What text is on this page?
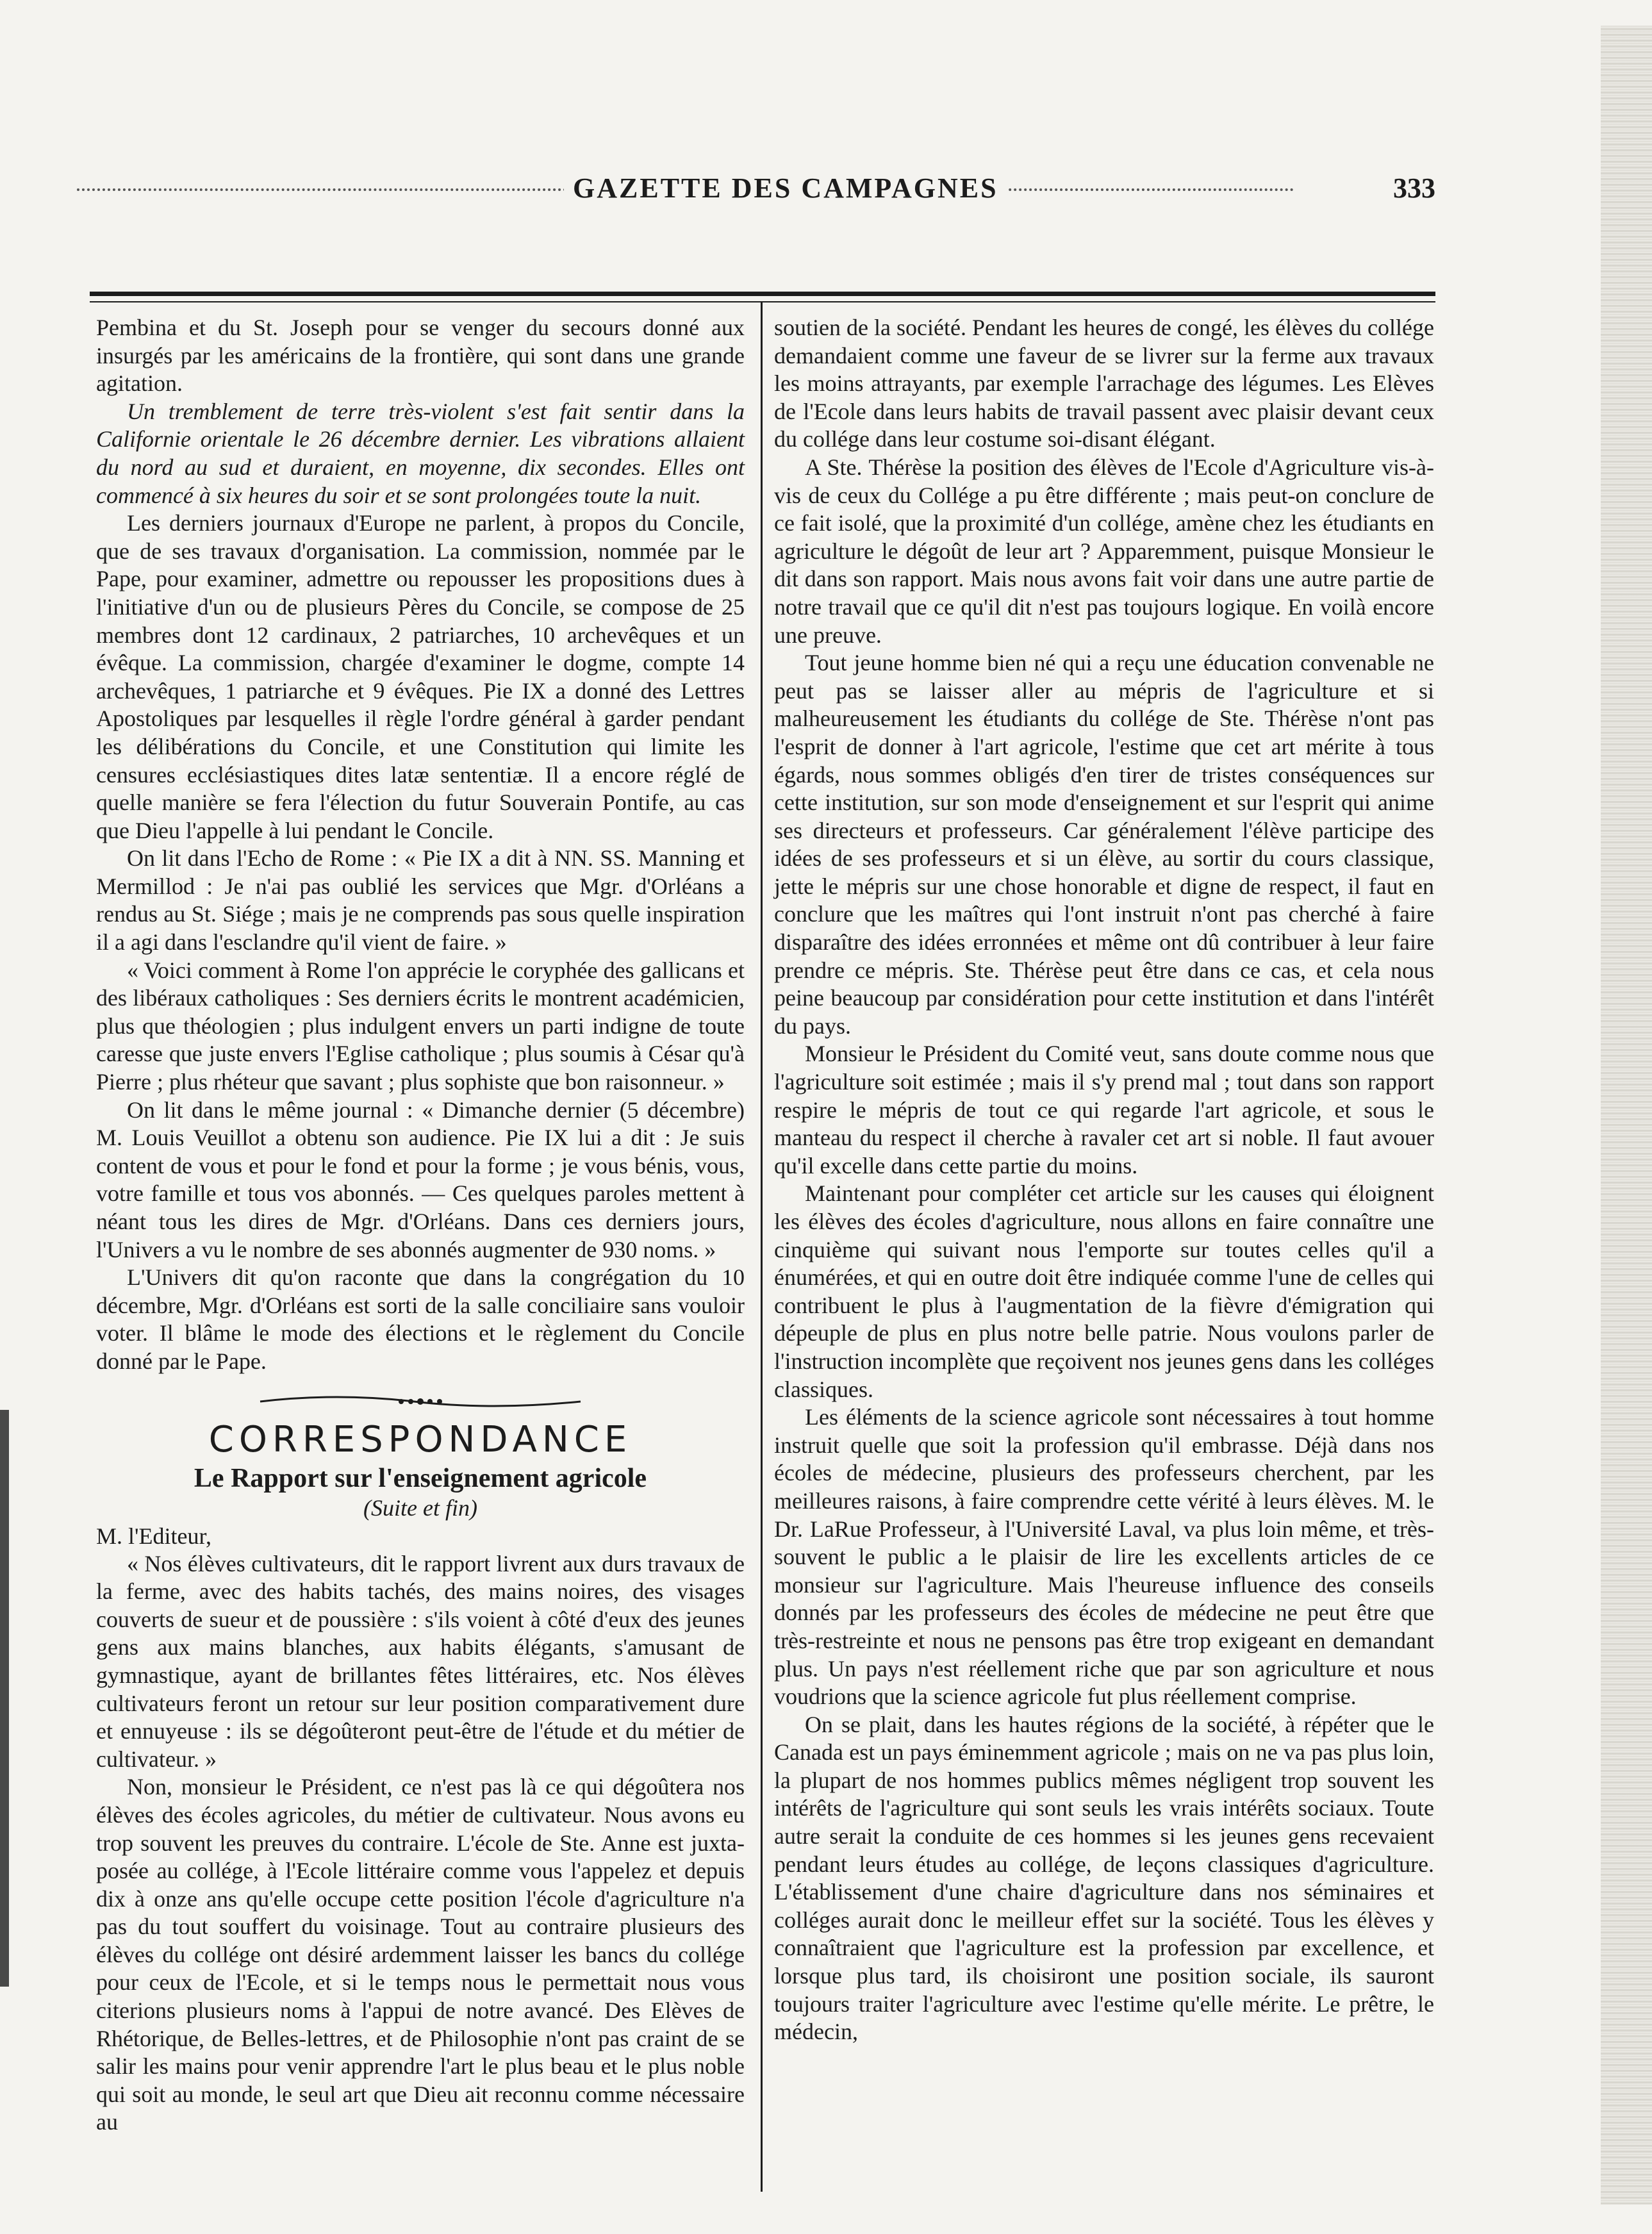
GAZETTE DES CAMPAGNES	333

Pembina et du St. Joseph pour se venger du secours donné aux insurgés par les américains de la frontière, qui sont dans une grande agitation.

Un tremblement de terre très-violent s'est fait sentir dans la Californie orientale le 26 décembre dernier. Les vibrations allaient du nord au sud et duraient, en moyenne, dix secondes. Elles ont commencé à six heures du soir et se sont prolongées toute la nuit.

Les derniers journaux d'Europe ne parlent, à propos du Concile, que de ses travaux d'organisation. La commission, nommée par le Pape, pour examiner, admettre ou repousser les propositions dues à l'initiative d'un ou de plusieurs Pères du Concile, se compose de 25 membres dont 12 cardinaux, 2 patriarches, 10 archevêques et un évêque. La commission, chargée d'examiner le dogme, compte 14 archevêques, 1 patriarche et 9 évêques. Pie IX a donné des Lettres Apostoliques par lesquelles il règle l'ordre général à garder pendant les délibérations du Concile, et une Constitution qui limite les censures ecclésiastiques dites latæ sententiæ. Il a encore réglé de quelle manière se fera l'élection du futur Souverain Pontife, au cas que Dieu l'appelle à lui pendant le Concile.

On lit dans l'Echo de Rome : « Pie IX a dit à NN. SS. Manning et Mermillod : Je n'ai pas oublié les services que Mgr. d'Orléans a rendus au St. Siége ; mais je ne comprends pas sous quelle inspiration il a agi dans l'esclandre qu'il vient de faire. »

« Voici comment à Rome l'on apprécie le coryphée des gallicans et des libéraux catholiques : Ses derniers écrits le montrent académicien, plus que théologien ; plus indulgent envers un parti indigne de toute caresse que juste envers l'Eglise catholique ; plus soumis à César qu'à Pierre ; plus rhéteur que savant ; plus sophiste que bon raisonneur. »

On lit dans le même journal : « Dimanche dernier (5 décembre) M. Louis Veuillot a obtenu son audience. Pie IX lui a dit : Je suis content de vous et pour le fond et pour la forme ; je vous bénis, vous, votre famille et tous vos abonnés. — Ces quelques paroles mettent à néant tous les dires de Mgr. d'Orléans. Dans ces derniers jours, l'Univers a vu le nombre de ses abonnés augmenter de 930 noms. »

L'Univers dit qu'on raconte que dans la congrégation du 10 décembre, Mgr. d'Orléans est sorti de la salle conciliaire sans vouloir voter. Il blâme le mode des élections et le règlement du Concile donné par le Pape.

CORRESPONDANCE
Le Rapport sur l'enseignement agricole
(Suite et fin)
M. l'Editeur,

« Nos élèves cultivateurs, dit le rapport livrent aux durs travaux de la ferme, avec des habits tachés, des mains noires, des visages couverts de sueur et de poussière : s'ils voient à côté d'eux des jeunes gens aux mains blanches, aux habits élégants, s'amusant de gymnastique, ayant de brillantes fêtes littéraires, etc. Nos élèves cultivateurs feront un retour sur leur position comparativement dure et ennuyeuse : ils se dégoûteront peut-être de l'étude et du métier de cultivateur. »

Non, monsieur le Président, ce n'est pas là ce qui dégoûtera nos élèves des écoles agricoles, du métier de cultivateur. Nous avons eu trop souvent les preuves du contraire. L'école de Ste. Anne est juxta-posée au collége, à l'Ecole littéraire comme vous l'appelez et depuis dix à onze ans qu'elle occupe cette position l'école d'agriculture n'a pas du tout souffert du voisinage. Tout au contraire plusieurs des élèves du collége ont désiré ardemment laisser les bancs du collége pour ceux de l'Ecole, et si le temps nous le permettait nous vous citerions plusieurs noms à l'appui de notre avancé. Des Elèves de Rhétorique, de Belles-lettres, et de Philosophie n'ont pas craint de se salir les mains pour venir apprendre l'art le plus beau et le plus noble qui soit au monde, le seul art que Dieu ait reconnu comme nécessaire au

soutien de la société. Pendant les heures de congé, les élèves du collége demandaient comme une faveur de se livrer sur la ferme aux travaux les moins attrayants, par exemple l'arrachage des légumes. Les Elèves de l'Ecole dans leurs habits de travail passent avec plaisir devant ceux du collége dans leur costume soi-disant élégant.

A Ste. Thérèse la position des élèves de l'Ecole d'Agriculture vis-à-vis de ceux du Collége a pu être différente ; mais peut-on conclure de ce fait isolé, que la proximité d'un collége, amène chez les étudiants en agriculture le dégoût de leur art ? Apparemment, puisque Monsieur le dit dans son rapport. Mais nous avons fait voir dans une autre partie de notre travail que ce qu'il dit n'est pas toujours logique. En voilà encore une preuve.

Tout jeune homme bien né qui a reçu une éducation convenable ne peut pas se laisser aller au mépris de l'agriculture et si malheureusement les étudiants du collége de Ste. Thérèse n'ont pas l'esprit de donner à l'art agricole, l'estime que cet art mérite à tous égards, nous sommes obligés d'en tirer de tristes conséquences sur cette institution, sur son mode d'enseignement et sur l'esprit qui anime ses directeurs et professeurs. Car généralement l'élève participe des idées de ses professeurs et si un élève, au sortir du cours classique, jette le mépris sur une chose honorable et digne de respect, il faut en conclure que les maîtres qui l'ont instruit n'ont pas cherché à faire disparaître des idées erronnées et même ont dû contribuer à leur faire prendre ce mépris. Ste. Thérèse peut être dans ce cas, et cela nous peine beaucoup par considération pour cette institution et dans l'intérêt du pays.

Monsieur le Président du Comité veut, sans doute comme nous que l'agriculture soit estimée ; mais il s'y prend mal ; tout dans son rapport respire le mépris de tout ce qui regarde l'art agricole, et sous le manteau du respect il cherche à ravaler cet art si noble. Il faut avouer qu'il excelle dans cette partie du moins.

Maintenant pour compléter cet article sur les causes qui éloignent les élèves des écoles d'agriculture, nous allons en faire connaître une cinquième qui suivant nous l'emporte sur toutes celles qu'il a énumérées, et qui en outre doit être indiquée comme l'une de celles qui contribuent le plus à l'augmentation de la fièvre d'émigration qui dépeuple de plus en plus notre belle patrie. Nous voulons parler de l'instruction incomplète que reçoivent nos jeunes gens dans les colléges classiques.

Les éléments de la science agricole sont nécessaires à tout homme instruit quelle que soit la profession qu'il embrasse. Déjà dans nos écoles de médecine, plusieurs des professeurs cherchent, par les meilleures raisons, à faire comprendre cette vérité à leurs élèves. M. le Dr. LaRue Professeur, à l'Université Laval, va plus loin même, et très-souvent le public a le plaisir de lire les excellents articles de ce monsieur sur l'agriculture. Mais l'heureuse influence des conseils donnés par les professeurs des écoles de médecine ne peut être que très-restreinte et nous ne pensons pas être trop exigeant en demandant plus. Un pays n'est réellement riche que par son agriculture et nous voudrions que la science agricole fut plus réellement comprise.

On se plait, dans les hautes régions de la société, à répéter que le Canada est un pays éminemment agricole ; mais on ne va pas plus loin, la plupart de nos hommes publics mêmes négligent trop souvent les intérêts de l'agriculture qui sont seuls les vrais intérêts sociaux. Toute autre serait la conduite de ces hommes si les jeunes gens recevaient pendant leurs études au collége, de leçons classiques d'agriculture. L'établissement d'une chaire d'agriculture dans nos séminaires et colléges aurait donc le meilleur effet sur la société. Tous les élèves y connaîtraient que l'agriculture est la profession par excellence, et lorsque plus tard, ils choisiront une position sociale, ils sauront toujours traiter l'agriculture avec l'estime qu'elle mérite. Le prêtre, le médecin,
